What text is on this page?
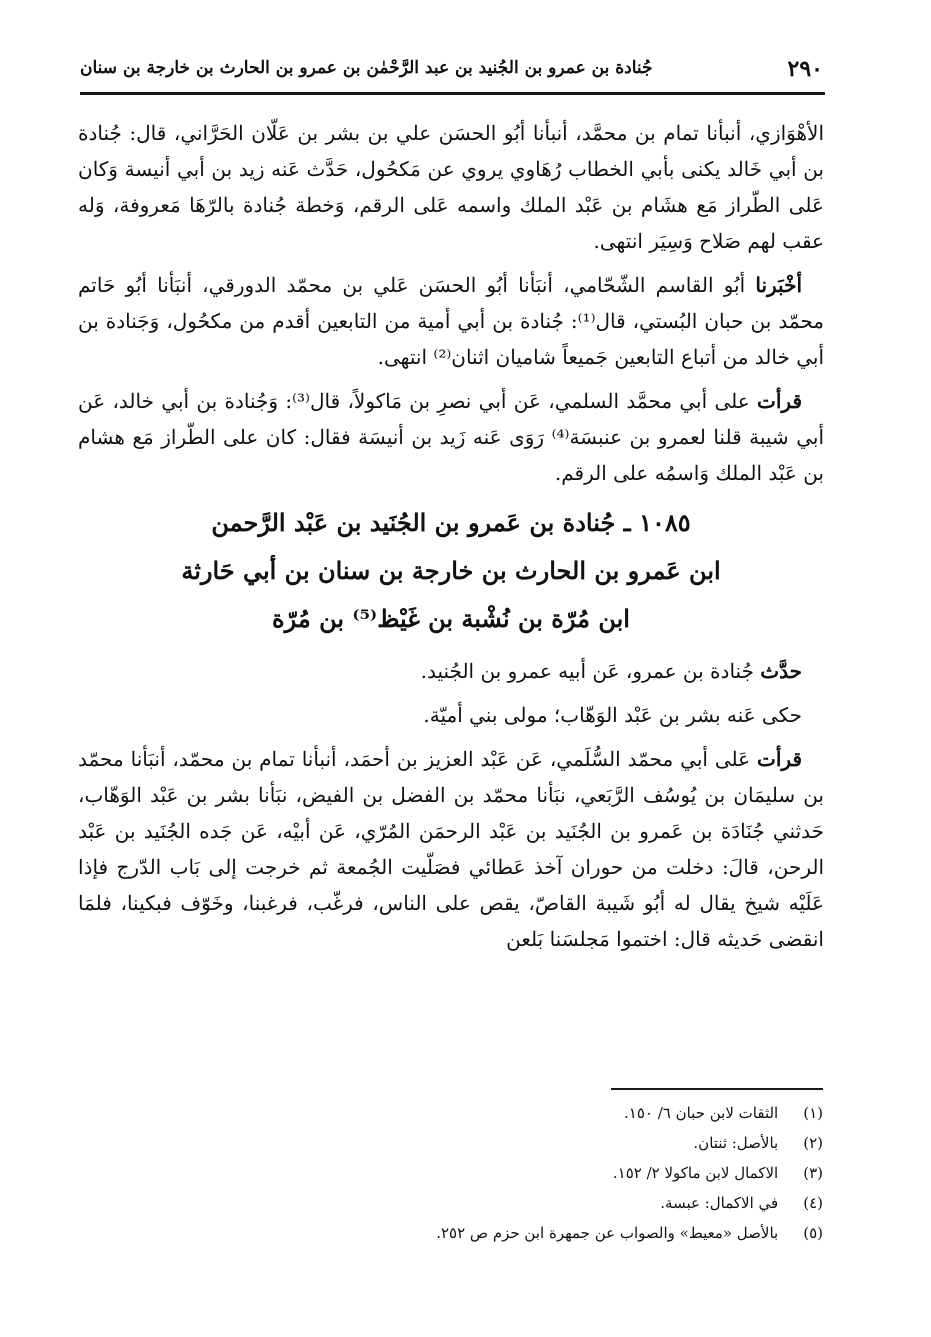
٢٩٠
جُنادة بن عمرو بن الجُنيد بن عبد الرَّحْمٰن بن عمرو بن الحارث بن خارجة بن سنان

الأهْوَازي، أنبأنا تمام بن محمَّد، أنبأنا أبُو الحسَن علي بن بشر بن عَلّان الحَرَّاني، قال: جُنادة بن أبي خَالد يكنى بأبي الخطاب رُهَاوي يروي عن مَكحُول، حَدَّث عَنه زيد بن أبي أنيسة وَكان عَلى الطّراز مَع هشَام بن عَبْد الملك واسمه عَلى الرقم، وَخطة جُنادة بالرّهَا مَعروفة، وَله عقب لهم صَلاح وَسِيَر انتهى.

أخْبَرنا أبُو القاسم الشّحّامي، أنبَأنا أبُو الحسَن عَلي بن محمّد الدورقي، أنبَأنا أبُو حَاتم محمّد بن حبان البُستي، قال⁽¹⁾: جُنادة بن أبي أمية من التابعين أقدم من مكحُول، وَجَنادة بن أبي خالد من أتباع التابعين جَميعاً شاميان اثنان⁽²⁾ انتهى.

قرأت على أبي محمَّد السلمي، عَن أبي نصرِ بن مَاكولاً، قال⁽³⁾: وَجُنادة بن أبي خالد، عَن أبي شيبة قلنا لعمرو بن عنبسَة⁽⁴⁾ رَوَى عَنه زَيد بن أنيسَة فقال: كان على الطّراز مَع هشام بن عَبْد الملك وَاسمُه على الرقم.

١٠٨٥ ـ جُنادة بن عَمرو بن الجُنَيد بن عَبْد الرَّحمن
ابن عَمرو بن الحارث بن خارجة بن سنان بن أبي حَارثة
ابن مُرّة بن نُشْبة بن غَيْظ⁽⁵⁾ بن مُرّة

حدَّث جُنادة بن عمرو، عَن أبيه عمرو بن الجُنيد.

حكى عَنه بشر بن عَبْد الوَهّاب؛ مولى بني أميّة.

قرأت عَلى أبي محمّد السُّلَمي، عَن عَبْد العزيز بن أحمَد، أنبأنا تمام بن محمّد، أنبَأنا محمّد بن سليمَان بن يُوسُف الرَّبَعي، نبَأنا محمّد بن الفضل بن الفيض، نبَأنا بشر بن عَبْد الوَهّاب، حَدثني جُنَادَة بن عَمرو بن الجُنَيد بن عَبْد الرحمَن المُرّي، عَن أبيْه، عَن جَده الجُنَيد بن عَبْد الرحن، قالَ: دخلت من حوران آخذ عَطائي فصَلّيت الجُمعة ثم خرجت إلى بَاب الدّرج فإذا عَلَيْه شيخ يقال له أبُو شَيبة القاصّ، يقص على الناس، فرغّب، فرغبنا، وخَوّف فبكينا، فلمَا انقضى حَديثه قال: اختموا مَجلسَنا بَلعن

(١) الثقات لابن حبان ٦/ ١٥٠.
(٢) بالأصل: ثنتان.
(٣) الاكمال لابن ماكولا ٢/ ١٥٢.
(٤) في الاكمال: عبسة.
(٥) بالأصل «معيط» والصواب عن جمهرة ابن حزم ص ٢٥٢.
